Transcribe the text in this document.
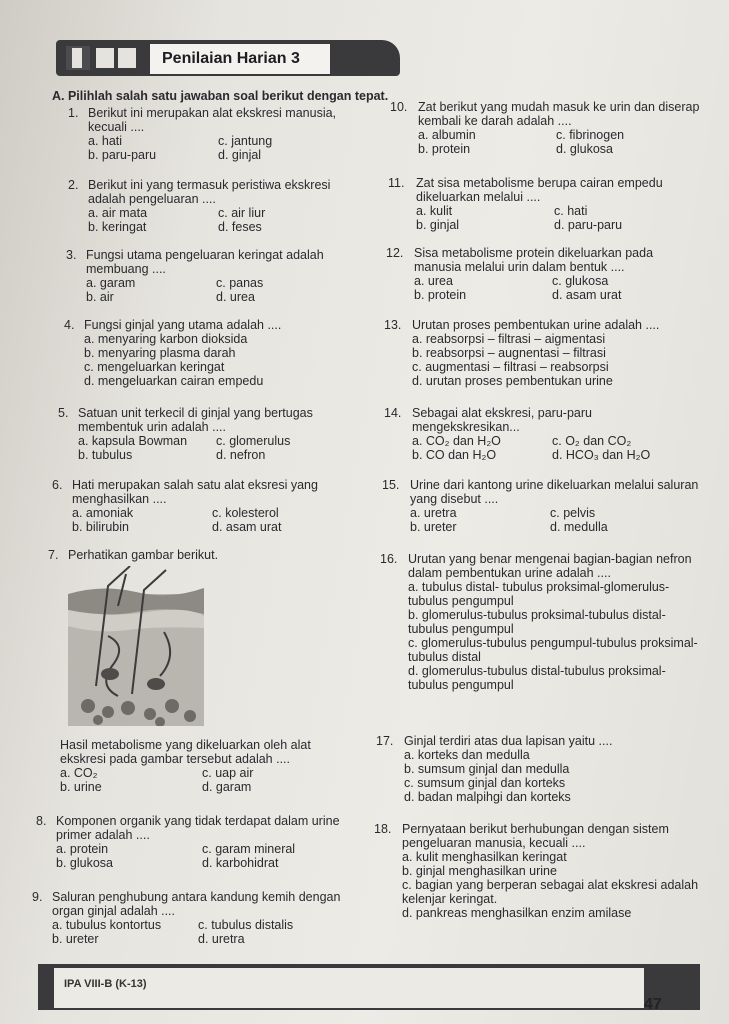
Penilaian Harian 3
A. Pilihlah salah satu jawaban soal berikut dengan tepat.
1. Berikut ini merupakan alat ekskresi manusia, kecuali ....
a. hati	c. jantung
b. paru-paru	d. ginjal
2. Berikut ini yang termasuk peristiwa ekskresi adalah pengeluaran ....
a. air mata	c. air liur
b. keringat	d. feses
3. Fungsi utama pengeluaran keringat adalah membuang ....
a. garam	c. panas
b. air	d. urea
4. Fungsi ginjal yang utama adalah ....
a. menyaring karbon dioksida
b. menyaring plasma darah
c. mengeluarkan keringat
d. mengeluarkan cairan empedu
5. Satuan unit terkecil di ginjal yang bertugas membentuk urin adalah ....
a. kapsula Bowman	c. glomerulus
b. tubulus	d. nefron
6. Hati merupakan salah satu alat eksresi yang menghasilkan ....
a. amoniak	c. kolesterol
b. bilirubin	d. asam urat
7. Perhatikan gambar berikut.
Hasil metabolisme yang dikeluarkan oleh alat ekskresi pada gambar tersebut adalah ....
a. CO₂	c. uap air
b. urine	d. garam
8. Komponen organik yang tidak terdapat dalam urine primer adalah ....
a. protein	c. garam mineral
b. glukosa	d. karbohidrat
9. Saluran penghubung antara kandung kemih dengan organ ginjal adalah ....
a. tubulus kontortus	c. tubulus distalis
b. ureter	d. uretra
10. Zat berikut yang mudah masuk ke urin dan diserap kembali ke darah adalah ....
a. albumin	c. fibrinogen
b. protein	d. glukosa
11. Zat sisa metabolisme berupa cairan empedu dikeluarkan melalui ....
a. kulit	c. hati
b. ginjal	d. paru-paru
12. Sisa metabolisme protein dikeluarkan pada manusia melalui urin dalam bentuk ....
a. urea	c. glukosa
b. protein	d. asam urat
13. Urutan proses pembentukan urine adalah ....
a. reabsorpsi – filtrasi – aigmentasi
b. reabsorpsi – augnentasi – filtrasi
c. augmentasi – filtrasi – reabsorpsi
d. urutan proses pembentukan urine
14. Sebagai alat ekskresi, paru-paru mengekskresikan...
a. CO₂ dan H₂O	c. O₂ dan CO₂
b. CO dan H₂O	d. HCO₃ dan H₂O
15. Urine dari kantong urine dikeluarkan melalui saluran yang disebut ....
a. uretra	c. pelvis
b. ureter	d. medulla
16. Urutan yang benar mengenai bagian-bagian nefron dalam pembentukan urine adalah ....
a. tubulus distal- tubulus proksimal-glomerulus-tubulus pengumpul
b. glomerulus-tubulus proksimal-tubulus distal-tubulus pengumpul
c. glomerulus-tubulus pengumpul-tubulus proksimal-tubulus distal
d. glomerulus-tubulus distal-tubulus proksimal-tubulus pengumpul
17. Ginjal terdiri atas dua lapisan yaitu ....
a. korteks dan medulla
b. sumsum ginjal dan medulla
c. sumsum ginjal dan korteks
d. badan malpihgi dan korteks
18. Pernyataan berikut berhubungan dengan sistem pengeluaran manusia, kecuali ....
a. kulit menghasilkan keringat
b. ginjal menghasilkan urine
c. bagian yang berperan sebagai alat ekskresi adalah kelenjar keringat.
d. pankreas menghasilkan enzim amilase
IPA VIII-B (K-13)
47
